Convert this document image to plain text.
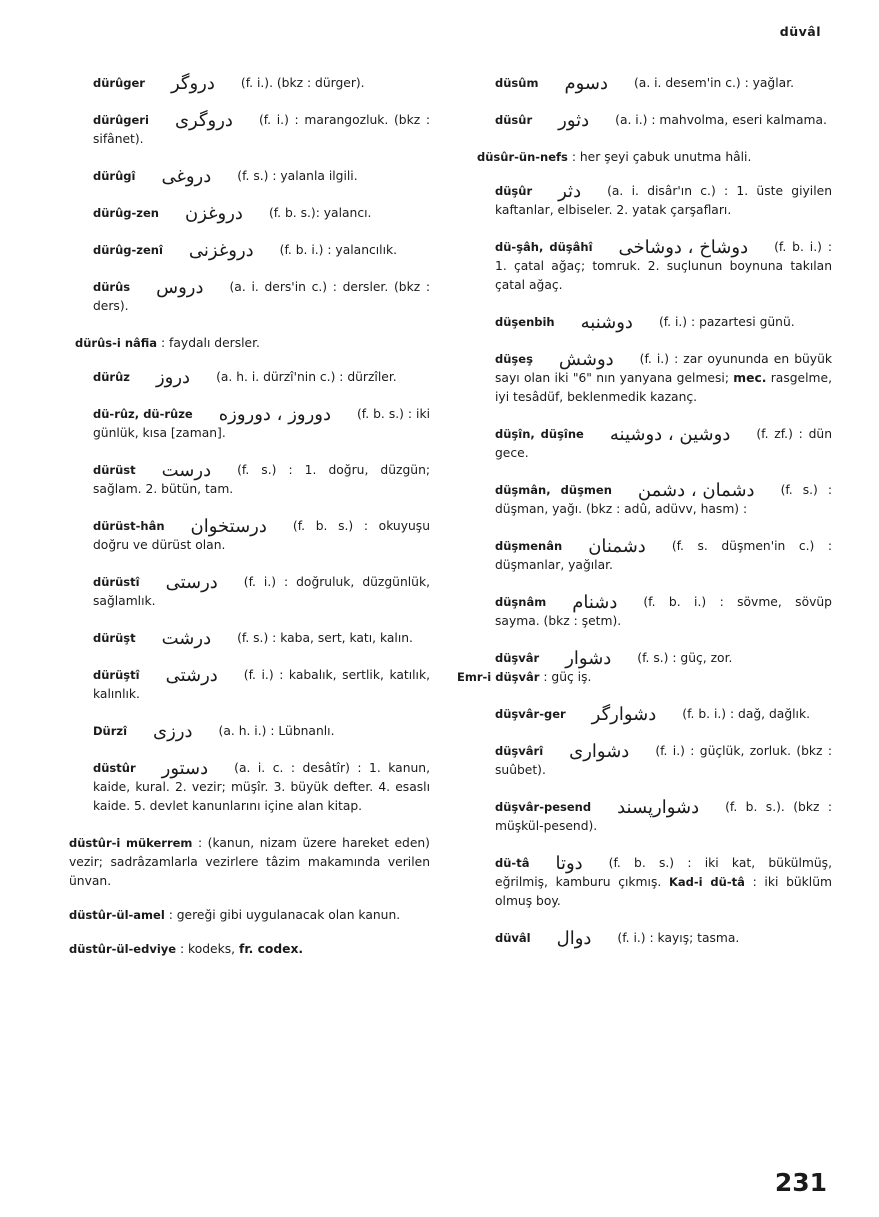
düvâl
dürûger دروگر (f. i.). (bkz : dürger).
dürûgeri دروگری (f. i.) : marangozluk. (bkz : sifânet).
dürûgî دروغی (f. s.) : yalanla ilgili.
dürûg-zen دروغزن (f. b. s.): yalancı.
dürûg-zenî دروغزنی (f. b. i.) : yalancılık.
dürûs دروس (a. i. ders'in c.) : dersler. (bkz : ders).
dürûs-i nâfia : faydalı dersler.
dürûz دروز (a. h. i. dürzî'nin c.) : dürzîler.
dü-rûz, dü-rûze دوروز ، دوروزه (f. b. s.) : iki günlük, kısa [zaman].
dürüst درست (f. s.) : 1. doğru, düzgün; sağlam. 2. bütün, tam.
dürüst-hân درستخوان (f. b. s.) : okuyuşu doğru ve dürüst olan.
dürüstî درستی (f. i.) : doğruluk, düzgünlük, sağlamlık.
dürüşt درشت (f. s.) : kaba, sert, katı, kalın.
dürüştî درشتی (f. i.) : kabalık, sertlik, katılık, kalınlık.
Dürzî درزی (a. h. i.) : Lübnanlı.
düstûr دستور (a. i. c. : desâtîr) : 1. kanun, kaide, kural. 2. vezir; müşîr. 3. büyük defter. 4. esaslı kaide. 5. devlet kanunlarını içine alan kitap.
düstûr-i mükerrem : (kanun, nizam üzere hareket eden) vezir; sadrâzamlarla vezirlere tâzim makamında verilen ünvan.
düstûr-ül-amel : gereği gibi uygulanacak olan kanun.
düstûr-ül-edviye : kodeks, fr. codex.
düsûm دسوم (a. i. desem'in c.) : yağlar.
düsûr دثور (a. i.) : mahvolma, eseri kalmama.
düsûr-ün-nefs : her şeyi çabuk unutma hâli.
düşûr دثر (a. i. disâr'ın c.) : 1. üste giyilen kaftanlar, elbiseler. 2. yatak çarşafları.
dü-şâh, düşâhî دوشاخ ، دوشاخی (f. b. i.) : 1. çatal ağaç; tomruk. 2. suçlunun boynuna takılan çatal ağaç.
düşenbih دوشنبه (f. i.) : pazartesi günü.
düşeş دوشش (f. i.) : zar oyununda en büyük sayı olan iki "6" nın yanyana gelmesi; mec. rasgelme, iyi tesâdüf, beklenmedik kazanç.
düşîn, düşîne دوشین ، دوشینه (f. zf.) : dün gece.
düşmân, düşmen دشمان ، دشمن (f. s.) : düşman, yağı. (bkz : adû, adüvv, hasm) :
düşmenân دشمنان (f. s. düşmen'in c.) : düşmanlar, yağılar.
düşnâm دشنام (f. b. i.) : sövme, sövüp sayma. (bkz : şetm).
düşvâr دشوار (f. s.) : güç, zor.
Emr-i düşvâr : güç iş.
düşvâr-ger دشوارگر (f. b. i.) : dağ, dağlık.
düşvârî دشواری (f. i.) : güçlük, zorluk. (bkz : suûbet).
düşvâr-pesend دشوارپسند (f. b. s.). (bkz : müşkül-pesend).
dü-tâ دوتا (f. b. s.) : iki kat, bükülmüş, eğrilmiş, kamburu çıkmış. Kad-i dü-tâ : iki büklüm olmuş boy.
düvâl دوال (f. i.) : kayış; tasma.
231
